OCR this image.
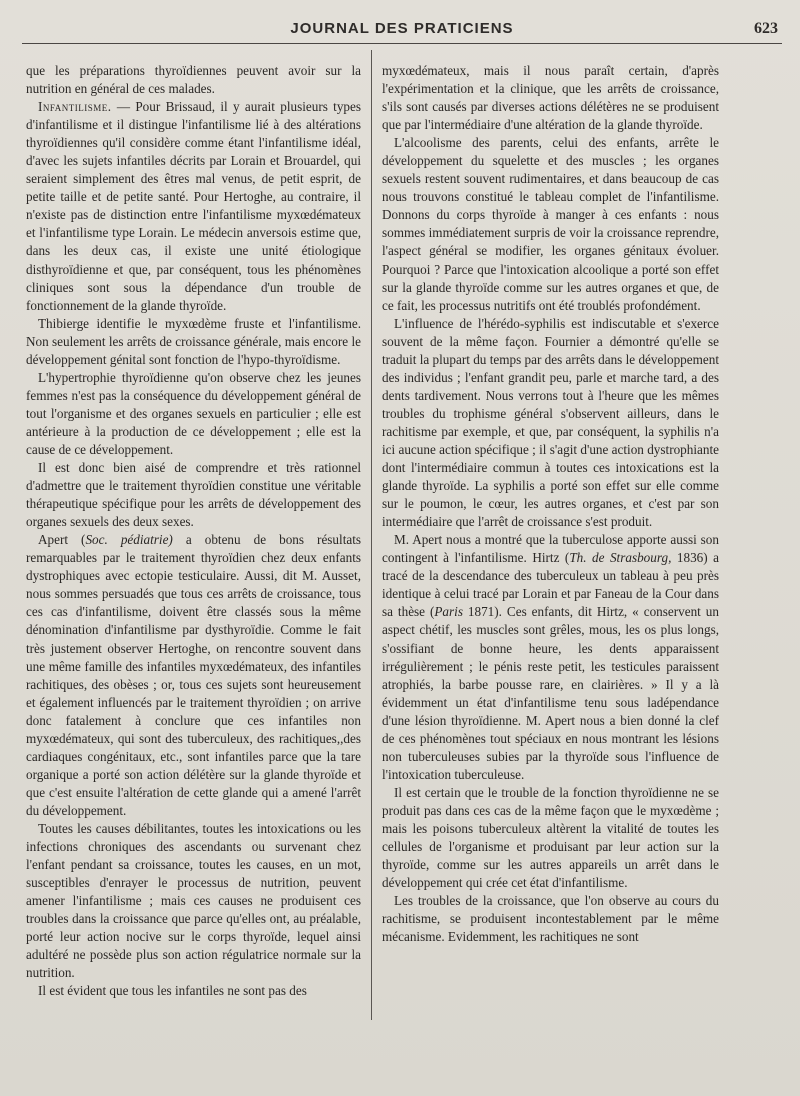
JOURNAL DES PRATICIENS	623

que les préparations thyroïdiennes peuvent avoir sur la nutrition en général de ces malades.

Infantilisme. — Pour Brissaud, il y aurait plusieurs types d'infantilisme et il distingue l'infantilisme lié à des altérations thyroïdiennes qu'il considère comme étant l'infantilisme idéal, d'avec les sujets infantiles décrits par Lorain et Brouardel, qui seraient simplement des êtres mal venus, de petit esprit, de petite taille et de petite santé. Pour Hertoghe, au contraire, il n'existe pas de distinction entre l'infantilisme myxœdémateux et l'infantilisme type Lorain. Le médecin anversois estime que, dans les deux cas, il existe une unité étiologique disthyroïdienne et que, par conséquent, tous les phénomènes cliniques sont sous la dépendance d'un trouble de fonctionnement de la glande thyroïde.

Thibierge identifie le myxœdème fruste et l'infantilisme. Non seulement les arrêts de croissance générale, mais encore le développement génital sont fonction de l'hypo-thyroïdisme.

L'hypertrophie thyroïdienne qu'on observe chez les jeunes femmes n'est pas la conséquence du développement général de tout l'organisme et des organes sexuels en particulier ; elle est antérieure à la production de ce développement ; elle est la cause de ce développement.

Il est donc bien aisé de comprendre et très rationnel d'admettre que le traitement thyroïdien constitue une véritable thérapeutique spécifique pour les arrêts de développement des organes sexuels des deux sexes.

Apert (Soc. pédiatrie) a obtenu de bons résultats remarquables par le traitement thyroïdien chez deux enfants dystrophiques avec ectopie testiculaire. Aussi, dit M. Ausset, nous sommes persuadés que tous ces arrêts de croissance, tous ces cas d'infantilisme, doivent être classés sous la même dénomination d'infantilisme par dysthyroïdie. Comme le fait très justement observer Hertoghe, on rencontre souvent dans une même famille des infantiles myxœdémateux, des infantiles rachitiques, des obèses ; or, tous ces sujets sont heureusement et également influencés par le traitement thyroïdien ; on arrive donc fatalement à conclure que ces infantiles non myxœdémateux, qui sont des tuberculeux, des rachitiques,,des cardiaques congénitaux, etc., sont infantiles parce que la tare organique a porté son action délétère sur la glande thyroïde et que c'est ensuite l'altération de cette glande qui a amené l'arrêt du développement.

Toutes les causes débilitantes, toutes les intoxications ou les infections chroniques des ascendants ou survenant chez l'enfant pendant sa croissance, toutes les causes, en un mot, susceptibles d'enrayer le processus de nutrition, peuvent amener l'infantilisme ; mais ces causes ne produisent ces troubles dans la croissance que parce qu'elles ont, au préalable, porté leur action nocive sur le corps thyroïde, lequel ainsi adultéré ne possède plus son action régulatrice normale sur la nutrition.

Il est évident que tous les infantiles ne sont pas des

myxœdémateux, mais il nous paraît certain, d'après l'expérimentation et la clinique, que les arrêts de croissance, s'ils sont causés par diverses actions délétères ne se produisent que par l'intermédiaire d'une altération de la glande thyroïde.

L'alcoolisme des parents, celui des enfants, arrête le développement du squelette et des muscles ; les organes sexuels restent souvent rudimentaires, et dans beaucoup de cas nous trouvons constitué le tableau complet de l'infantilisme. Donnons du corps thyroïde à manger à ces enfants : nous sommes immédiatement surpris de voir la croissance reprendre, l'aspect général se modifier, les organes génitaux évoluer. Pourquoi ? Parce que l'intoxication alcoolique a porté son effet sur la glande thyroïde comme sur les autres organes et que, de ce fait, les processus nutritifs ont été troublés profondément.

L'influence de l'hérédo-syphilis est indiscutable et s'exerce souvent de la même façon. Fournier a démontré qu'elle se traduit la plupart du temps par des arrêts dans le développement des individus ; l'enfant grandit peu, parle et marche tard, a des dents tardivement. Nous verrons tout à l'heure que les mêmes troubles du trophisme général s'observent ailleurs, dans le rachitisme par exemple, et que, par conséquent, la syphilis n'a ici aucune action spécifique ; il s'agit d'une action dystrophiante dont l'intermédiaire commun à toutes ces intoxications est la glande thyroïde. La syphilis a porté son effet sur elle comme sur le poumon, le cœur, les autres organes, et c'est par son intermédiaire que l'arrêt de croissance s'est produit.

M. Apert nous a montré que la tuberculose apporte aussi son contingent à l'infantilisme. Hirtz (Th. de Strasbourg, 1836) a tracé de la descendance des tuberculeux un tableau à peu près identique à celui tracé par Lorain et par Faneau de la Cour dans sa thèse (Paris 1871). Ces enfants, dit Hirtz, « conservent un aspect chétif, les muscles sont grêles, mous, les os plus longs, s'ossifiant de bonne heure, les dents apparaissent irrégulièrement ; le pénis reste petit, les testicules paraissent atrophiés, la barbe pousse rare, en clairières. » Il y a là évidemment un état d'infantilisme tenu sous ladépendance d'une lésion thyroïdienne. M. Apert nous a bien donné la clef de ces phénomènes tout spéciaux en nous montrant les lésions non tuberculeuses subies par la thyroïde sous l'influence de l'intoxication tuberculeuse.

Il est certain que le trouble de la fonction thyroïdienne ne se produit pas dans ces cas de la même façon que le myxœdème ; mais les poisons tuberculeux altèrent la vitalité de toutes les cellules de l'organisme et produisant par leur action sur la thyroïde, comme sur les autres appareils un arrêt dans le développement qui crée cet état d'infantilisme.

Les troubles de la croissance, que l'on observe au cours du rachitisme, se produisent incontestablement par le même mécanisme. Evidemment, les rachitiques ne sont
